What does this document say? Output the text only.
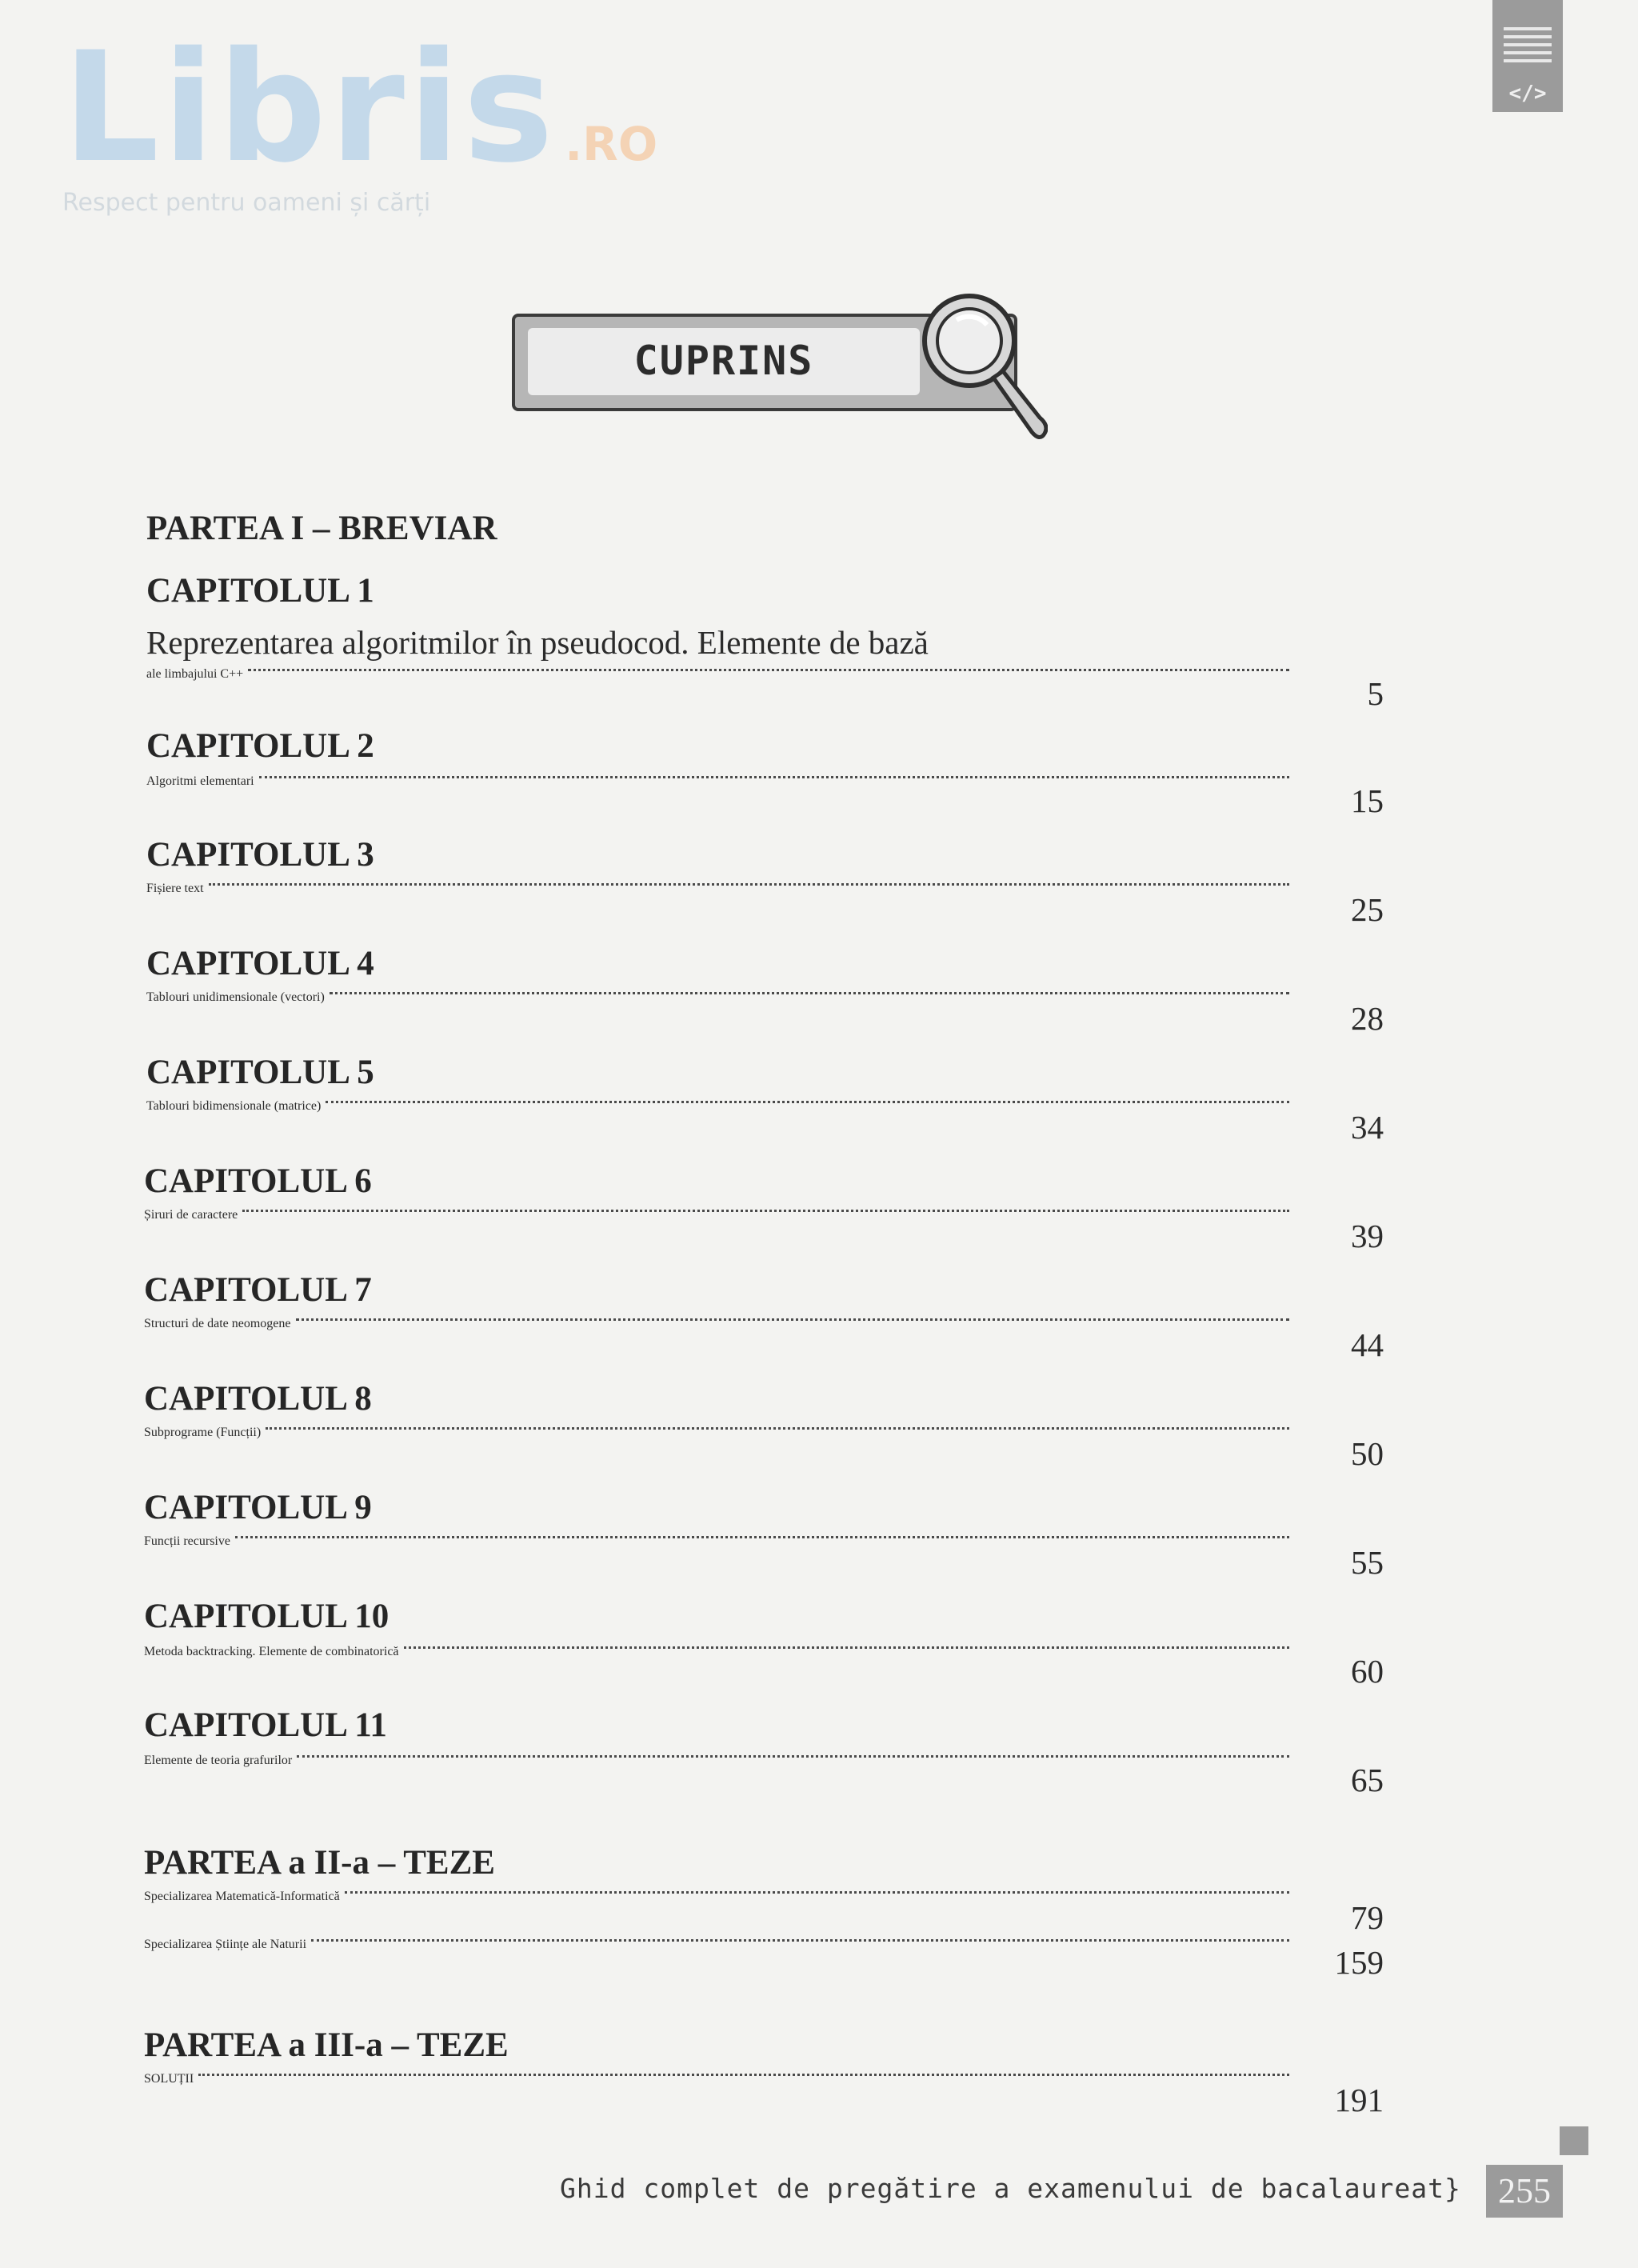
Libris .RO
Respect pentru oameni și cărți
</>
CUPRINS
PARTEA I – BREVIAR
CAPITOLUL 1
Reprezentarea algoritmilor în pseudocod. Elemente de bază
ale limbajului C++
5
CAPITOLUL 2
Algoritmi elementari
15
CAPITOLUL 3
Fișiere text
25
CAPITOLUL 4
Tablouri unidimensionale (vectori)
28
CAPITOLUL 5
Tablouri bidimensionale (matrice)
34
CAPITOLUL 6
Șiruri de caractere
39
CAPITOLUL 7
Structuri de date neomogene
44
CAPITOLUL 8
Subprograme (Funcții)
50
CAPITOLUL 9
Funcții recursive
55
CAPITOLUL 10
Metoda backtracking. Elemente de combinatorică
60
CAPITOLUL 11
Elemente de teoria grafurilor
65
PARTEA a II-a – TEZE
Specializarea Matematică-Informatică
79
Specializarea Științe ale Naturii	159
PARTEA a III-a – TEZE
SOLUȚII
191
Ghid complet de pregătire a examenului de bacalaureat}	255
